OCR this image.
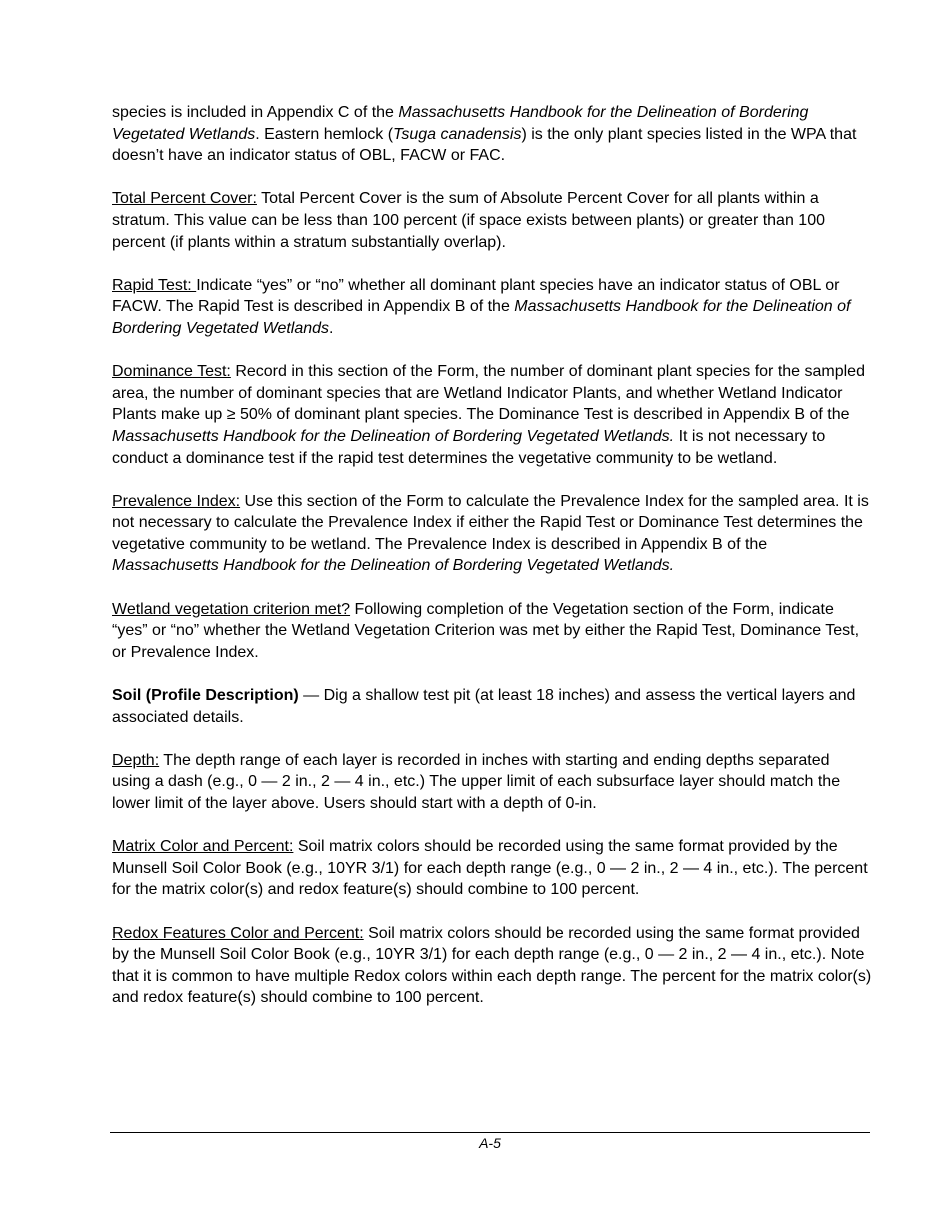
species is included in Appendix C of the Massachusetts Handbook for the Delineation of Bordering Vegetated Wetlands. Eastern hemlock (Tsuga canadensis) is the only plant species listed in the WPA that doesn’t have an indicator status of OBL, FACW or FAC.

Total Percent Cover: Total Percent Cover is the sum of Absolute Percent Cover for all plants within a stratum. This value can be less than 100 percent (if space exists between plants) or greater than 100 percent (if plants within a stratum substantially overlap).

Rapid Test: Indicate “yes” or “no” whether all dominant plant species have an indicator status of OBL or FACW. The Rapid Test is described in Appendix B of the Massachusetts Handbook for the Delineation of Bordering Vegetated Wetlands.

Dominance Test: Record in this section of the Form, the number of dominant plant species for the sampled area, the number of dominant species that are Wetland Indicator Plants, and whether Wetland Indicator Plants make up ≥ 50% of dominant plant species. The Dominance Test is described in Appendix B of the Massachusetts Handbook for the Delineation of Bordering Vegetated Wetlands. It is not necessary to conduct a dominance test if the rapid test determines the vegetative community to be wetland.

Prevalence Index: Use this section of the Form to calculate the Prevalence Index for the sampled area. It is not necessary to calculate the Prevalence Index if either the Rapid Test or Dominance Test determines the vegetative community to be wetland. The Prevalence Index is described in Appendix B of the Massachusetts Handbook for the Delineation of Bordering Vegetated Wetlands.

Wetland vegetation criterion met? Following completion of the Vegetation section of the Form, indicate “yes” or “no” whether the Wetland Vegetation Criterion was met by either the Rapid Test, Dominance Test, or Prevalence Index.

Soil (Profile Description) — Dig a shallow test pit (at least 18 inches) and assess the vertical layers and associated details.

Depth: The depth range of each layer is recorded in inches with starting and ending depths separated using a dash (e.g., 0 — 2 in., 2 — 4 in., etc.) The upper limit of each subsurface layer should match the lower limit of the layer above. Users should start with a depth of 0-in.

Matrix Color and Percent: Soil matrix colors should be recorded using the same format provided by the Munsell Soil Color Book (e.g., 10YR 3/1) for each depth range (e.g., 0 — 2 in., 2 — 4 in., etc.). The percent for the matrix color(s) and redox feature(s) should combine to 100 percent.

Redox Features Color and Percent: Soil matrix colors should be recorded using the same format provided by the Munsell Soil Color Book (e.g., 10YR 3/1) for each depth range (e.g., 0 — 2 in., 2 — 4 in., etc.). Note that it is common to have multiple Redox colors within each depth range. The percent for the matrix color(s) and redox feature(s) should combine to 100 percent.

A-5
